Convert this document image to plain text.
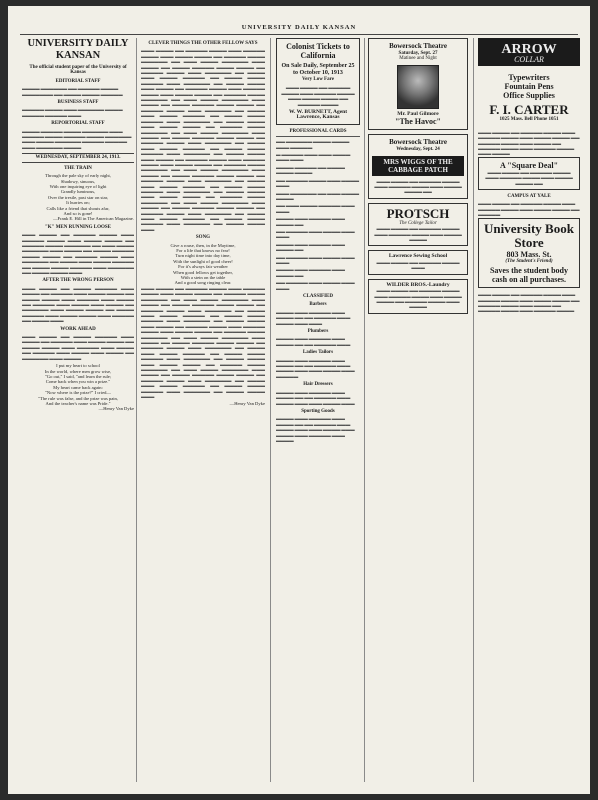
UNIVERSITY DAILY KANSAN
UNIVERSITY DAILY KANSAN
The official student paper of the University of Kansas
EDITORIAL STAFF
▬▬▬▬ ▬▬▬▬▬▬ ▬▬ ▬▬▬▬▬ ▬▬▬▬ ▬▬▬▬▬▬▬ ▬▬ ▬▬▬▬ ▬▬▬▬ ▬▬▬▬▬
BUSINESS STAFF
▬▬▬▬▬ ▬▬▬▬ ▬▬▬ ▬▬▬▬▬▬ ▬▬▬▬ ▬▬▬▬▬ ▬▬▬▬▬ ▬▬▬
REPORTORIAL STAFF
▬▬▬▬ ▬▬▬▬▬ ▬▬▬▬ ▬▬▬▬▬▬ ▬▬▬ ▬▬▬▬▬ ▬▬▬▬ ▬▬▬▬▬ ▬▬▬▬ ▬▬▬▬▬▬ ▬▬▬ ▬▬▬▬ ▬▬▬▬▬▬ ▬▬▬▬▬ ▬▬▬▬▬ ▬▬▬ ▬▬▬▬▬▬ ▬▬▬▬
WEDNESDAY, SEPTEMBER 24, 1913.
THE TRAIN
Through the pale sky of early night,
Shadowy, sinuous,
With one inquiring eye of light
Grandly luminous,
Over the trestle, past star on star,
It hurries on;
Calls like a friend that shouts afar,
And so is gone!
—Frank E. Hill in The American Magazine.
"K" MEN RUNNING LOOSE
▬▬▬ ▬▬▬▬ ▬▬ ▬▬▬▬▬ ▬▬▬▬ ▬▬▬ ▬▬▬▬▬ ▬▬▬▬ ▬▬▬ ▬▬▬▬ ▬▬▬▬ ▬▬ ▬▬▬▬▬ ▬▬▬▬ ▬▬▬▬▬▬ ▬▬ ▬▬▬ ▬▬▬▬ ▬▬▬▬▬▬ ▬▬▬ ▬▬▬▬ ▬▬ ▬▬▬▬ ▬▬▬▬▬ ▬▬▬▬ ▬▬▬▬ ▬▬ ▬▬▬▬▬ ▬▬▬▬ ▬▬▬ ▬▬▬▬▬▬ ▬▬ ▬▬▬▬ ▬▬▬ ▬▬▬▬ ▬▬▬▬▬ ▬▬ ▬▬▬▬ ▬▬▬▬ ▬▬▬▬▬ ▬▬▬ ▬▬▬▬▬▬ ▬▬ ▬▬▬▬ ▬▬▬▬ ▬▬▬
AFTER THE WRONG PERSON
▬▬▬ ▬▬▬▬ ▬▬ ▬▬▬▬ ▬▬▬▬▬ ▬▬▬ ▬▬▬▬ ▬▬ ▬▬▬▬▬ ▬▬▬ ▬▬▬▬ ▬▬▬▬ ▬▬ ▬▬▬▬ ▬▬▬▬ ▬▬▬ ▬▬▬▬▬ ▬▬▬ ▬▬▬▬ ▬▬ ▬▬▬▬▬ ▬▬▬ ▬▬▬▬ ▬▬▬ ▬▬▬▬ ▬▬ ▬▬▬▬▬▬ ▬▬▬ ▬▬▬▬ ▬▬▬▬ ▬▬ ▬▬▬▬ ▬▬▬▬▬ ▬▬▬ ▬▬▬▬ ▬▬▬▬ ▬▬▬ ▬▬▬▬▬ ▬▬ ▬▬▬▬ ▬▬▬
WORK AHEAD
▬▬▬ ▬▬▬▬ ▬▬ ▬▬▬▬ ▬▬▬▬▬ ▬▬▬ ▬▬▬▬ ▬▬ ▬▬▬▬▬ ▬▬▬ ▬▬▬▬ ▬▬▬▬ ▬▬ ▬▬▬▬ ▬▬▬▬ ▬▬▬ ▬▬▬▬▬ ▬▬▬ ▬▬▬▬ ▬▬ ▬▬▬▬▬ ▬▬▬ ▬▬▬▬ ▬▬▬ ▬▬▬▬ ▬▬ ▬▬▬▬▬▬ ▬▬▬ ▬▬▬▬
I put my heart to school
In the world, where men grow wise,
"Go out," I said, "and learn the rule;
Come back when you win a prize."
My heart came back again:
"Now where is the prize?" I cried—
"The rule was false, and the prize was pain,
And the teacher's name was Pride."
—Henry Van Dyke
CLEVER THINGS THE OTHER FELLOW SAYS
▬▬▬ ▬▬▬▬ ▬▬ ▬▬▬▬▬ ▬▬▬▬ ▬▬▬ ▬▬▬▬▬ ▬▬▬▬ ▬▬▬ ▬▬▬▬ ▬▬▬▬ ▬▬ ▬▬▬▬▬ ▬▬▬▬ ▬▬▬▬▬▬ ▬▬ ▬▬▬ ▬▬▬▬ ▬▬▬▬▬▬ ▬▬▬ ▬▬▬▬ ▬▬ ▬▬▬▬ ▬▬▬▬▬ ▬▬▬▬ ▬▬▬▬ ▬▬ ▬▬▬▬▬ ▬▬▬▬ ▬▬▬ ▬▬▬▬▬▬ ▬▬ ▬▬▬▬ ▬▬▬ ▬▬▬▬ ▬▬▬▬▬ ▬▬ ▬▬▬▬ ▬▬▬▬ ▬▬▬▬▬ ▬▬▬ ▬▬▬▬▬▬ ▬▬ ▬▬▬▬ ▬▬▬▬ ▬▬▬ ▬▬▬▬ ▬▬ ▬▬▬▬▬ ▬▬▬▬ ▬▬▬ ▬▬▬▬▬ ▬▬▬▬ ▬▬▬ ▬▬▬▬ ▬▬▬▬ ▬▬ ▬▬▬▬▬ ▬▬▬▬ ▬▬▬▬▬▬ ▬▬ ▬▬▬ ▬▬▬▬ ▬▬▬▬▬▬ ▬▬▬ ▬▬▬▬ ▬▬ ▬▬▬▬ ▬▬▬▬▬ ▬▬▬▬ ▬▬▬▬ ▬▬ ▬▬▬▬▬ ▬▬▬▬ ▬▬▬ ▬▬▬▬▬▬ ▬▬ ▬▬▬▬ ▬▬▬ ▬▬▬▬ ▬▬▬▬▬ ▬▬ ▬▬▬▬ ▬▬▬▬ ▬▬▬▬▬ ▬▬▬ ▬▬▬▬▬▬ ▬▬ ▬▬▬▬ ▬▬▬▬ ▬▬▬ ▬▬▬▬ ▬▬▬▬ ▬▬ ▬▬▬▬▬ ▬▬▬▬ ▬▬▬▬▬▬ ▬▬ ▬▬▬ ▬▬▬▬ ▬▬▬▬▬▬ ▬▬▬ ▬▬▬▬ ▬▬ ▬▬▬▬ ▬▬▬▬▬ ▬▬▬▬ ▬▬▬▬ ▬▬ ▬▬▬▬▬ ▬▬▬▬ ▬▬▬ ▬▬▬▬▬▬ ▬▬ ▬▬▬▬ ▬▬▬ ▬▬▬▬ ▬▬▬▬▬ ▬▬ ▬▬▬▬ ▬▬▬▬ ▬▬▬▬▬ ▬▬▬ ▬▬▬▬▬▬ ▬▬ ▬▬▬▬ ▬▬▬▬ ▬▬▬ ▬▬▬▬ ▬▬ ▬▬▬▬▬ ▬▬▬▬ ▬▬▬ ▬▬▬▬▬ ▬▬▬▬ ▬▬▬ ▬▬▬▬ ▬▬▬▬ ▬▬ ▬▬▬▬▬ ▬▬▬▬ ▬▬▬▬▬▬ ▬▬ ▬▬▬ ▬▬▬▬ ▬▬▬▬▬▬ ▬▬▬ ▬▬▬▬ ▬▬ ▬▬▬▬ ▬▬▬▬▬ ▬▬▬▬ ▬▬▬▬ ▬▬ ▬▬▬▬▬ ▬▬▬▬ ▬▬▬ ▬▬▬▬▬▬ ▬▬ ▬▬▬▬ ▬▬▬ ▬▬▬▬ ▬▬▬▬▬ ▬▬ ▬▬▬▬ ▬▬▬▬ ▬▬▬▬▬ ▬▬▬ ▬▬▬▬▬▬ ▬▬ ▬▬▬▬ ▬▬▬▬ ▬▬▬ ▬▬▬▬ ▬▬▬▬ ▬▬ ▬▬▬▬▬ ▬▬▬▬ ▬▬▬▬▬▬ ▬▬ ▬▬▬ ▬▬▬▬ ▬▬▬▬▬▬ ▬▬▬ ▬▬▬▬ ▬▬ ▬▬▬▬ ▬▬▬▬▬ ▬▬▬▬ ▬▬▬▬ ▬▬ ▬▬▬▬▬ ▬▬▬▬ ▬▬▬ ▬▬▬▬▬▬ ▬▬ ▬▬▬▬ ▬▬▬ ▬▬▬▬ ▬▬▬▬▬ ▬▬ ▬▬▬▬ ▬▬▬▬ ▬▬▬▬▬ ▬▬▬ ▬▬▬▬▬▬ ▬▬ ▬▬▬▬ ▬▬▬▬ ▬▬▬
SONG
Give a rouse, then, in the Maytime,
For a life that knows no fear!
Turn night time into day time,
With the sunlight of good cheer!
For it's always fair weather
When good fellows get together,
With a stein on the table
And a good song ringing clear.
▬▬▬ ▬▬▬▬ ▬▬ ▬▬▬▬▬ ▬▬▬▬ ▬▬▬ ▬▬▬▬▬ ▬▬▬▬ ▬▬▬ ▬▬▬▬ ▬▬▬▬ ▬▬ ▬▬▬▬▬ ▬▬▬▬ ▬▬▬▬▬▬ ▬▬ ▬▬▬ ▬▬▬▬ ▬▬▬▬▬▬ ▬▬▬ ▬▬▬▬ ▬▬ ▬▬▬▬ ▬▬▬▬▬ ▬▬▬▬ ▬▬▬▬ ▬▬ ▬▬▬▬▬ ▬▬▬▬ ▬▬▬ ▬▬▬▬▬▬ ▬▬ ▬▬▬▬ ▬▬▬ ▬▬▬▬ ▬▬▬▬▬ ▬▬ ▬▬▬▬ ▬▬▬▬ ▬▬▬▬▬ ▬▬▬ ▬▬▬▬▬▬ ▬▬ ▬▬▬▬ ▬▬▬▬ ▬▬▬ ▬▬▬▬ ▬▬ ▬▬▬▬▬ ▬▬▬▬ ▬▬▬ ▬▬▬▬▬ ▬▬▬▬ ▬▬▬ ▬▬▬▬ ▬▬▬▬ ▬▬ ▬▬▬▬▬ ▬▬▬▬ ▬▬▬▬▬▬ ▬▬ ▬▬▬ ▬▬▬▬ ▬▬▬▬▬▬ ▬▬▬ ▬▬▬▬ ▬▬ ▬▬▬▬ ▬▬▬▬▬ ▬▬▬▬ ▬▬▬▬ ▬▬ ▬▬▬▬▬ ▬▬▬▬ ▬▬▬ ▬▬▬▬▬▬ ▬▬ ▬▬▬▬ ▬▬▬ ▬▬▬▬ ▬▬▬▬▬ ▬▬ ▬▬▬▬ ▬▬▬▬ ▬▬▬▬▬ ▬▬▬ ▬▬▬▬▬▬ ▬▬ ▬▬▬▬ ▬▬▬▬ ▬▬▬ ▬▬▬▬ ▬▬▬▬ ▬▬ ▬▬▬▬▬ ▬▬▬▬ ▬▬▬▬▬▬ ▬▬ ▬▬▬ ▬▬▬▬ ▬▬▬▬▬▬ ▬▬▬ ▬▬▬▬ ▬▬ ▬▬▬▬ ▬▬▬▬▬ ▬▬▬▬ ▬▬▬▬ ▬▬ ▬▬▬▬▬ ▬▬▬▬ ▬▬▬ ▬▬▬▬▬▬ ▬▬ ▬▬▬▬ ▬▬▬ ▬▬▬▬ ▬▬▬▬▬ ▬▬ ▬▬▬▬ ▬▬▬▬ ▬▬▬▬▬ ▬▬▬ ▬▬▬▬▬▬ ▬▬ ▬▬▬▬ ▬▬▬▬ ▬▬▬
—Henry Van Dyke
Colonist Tickets to California
On Sale Daily, September 25 to October 10, 1913
Very Low Fare
▬▬▬ ▬▬▬▬ ▬▬ ▬▬▬▬▬ ▬▬▬▬ ▬▬▬ ▬▬▬▬▬ ▬▬▬▬ ▬▬▬ ▬▬▬▬ ▬▬▬▬ ▬▬ ▬▬▬▬▬ ▬▬▬▬
W. W. BURNETT, Agent
Lawrence, Kansas
PROFESSIONAL CARDS
▬▬ ▬▬▬▬▬▬ ▬▬▬▬ ▬▬▬▬ ▬▬▬ ▬▬▬▬▬
▬ ▬▬▬▬▬ ▬▬▬ ▬▬▬ ▬▬▬▬ ▬▬▬ ▬▬▬
▬▬▬▬ ▬▬▬▬▬ ▬▬ ▬▬▬▬ ▬▬▬▬ ▬▬▬▬
▬▬ ▬▬▬▬▬ ▬▬▬▬ ▬▬▬ ▬▬▬▬ ▬▬▬
▬▬▬ ▬▬▬▬▬▬ ▬▬ ▬▬▬ ▬▬▬▬ ▬▬▬▬
▬▬ ▬▬▬ ▬▬▬▬ ▬▬▬▬▬ ▬▬▬ ▬▬▬
▬▬▬▬ ▬▬▬ ▬▬▬▬▬ ▬▬▬ ▬▬▬▬ ▬▬
▬▬ ▬▬▬▬▬ ▬▬▬ ▬▬▬▬ ▬▬▬ ▬▬▬
▬▬▬▬ ▬▬▬ ▬▬▬▬▬ ▬▬▬ ▬▬▬▬ ▬▬
▬▬ ▬▬▬▬▬ ▬▬▬ ▬▬▬▬ ▬▬▬ ▬▬▬
▬▬▬▬ ▬▬▬ ▬▬▬▬▬ ▬▬▬ ▬▬▬▬ ▬▬
▬▬ ▬▬▬▬▬ ▬▬▬ ▬▬▬▬ ▬▬▬ ▬▬▬
CLASSIFIED
Barbers
▬▬▬▬ ▬▬▬ ▬▬▬▬▬ ▬▬▬ ▬▬▬▬ ▬▬ ▬▬ ▬▬▬▬▬ ▬▬▬ ▬▬▬▬ ▬▬▬ ▬▬▬
Plumbers
▬▬▬▬ ▬▬▬ ▬▬▬▬▬ ▬▬▬ ▬▬▬▬ ▬▬ ▬▬ ▬▬▬▬▬ ▬▬▬
Ladies Tailors
▬▬▬▬ ▬▬▬ ▬▬▬▬▬ ▬▬▬ ▬▬▬▬ ▬▬ ▬▬ ▬▬▬▬▬ ▬▬▬ ▬▬▬▬ ▬▬▬ ▬▬▬ ▬▬▬▬ ▬▬▬ ▬▬▬▬▬
Hair Dressers
▬▬▬▬ ▬▬▬ ▬▬▬▬▬ ▬▬▬ ▬▬▬▬ ▬▬ ▬▬ ▬▬▬▬▬ ▬▬▬ ▬▬▬▬ ▬▬▬ ▬▬▬ ▬▬▬▬ ▬▬▬
Sporting Goods
▬▬▬▬ ▬▬▬ ▬▬▬▬▬ ▬▬▬ ▬▬▬▬ ▬▬ ▬▬ ▬▬▬▬▬ ▬▬▬ ▬▬▬▬ ▬▬▬ ▬▬▬ ▬▬▬▬ ▬▬▬ ▬▬▬▬ ▬▬▬ ▬▬▬▬▬ ▬▬▬ ▬▬▬▬
Bowersock Theatre
Saturday, Sept. 27
Matinee and Night
Mr. Paul Gilmore
"The Havoc"
Bowersock Theatre
Wednesday, Sept. 24
MRS WIGGS OF THE CABBAGE PATCH
▬▬▬ ▬▬▬▬ ▬▬ ▬▬▬▬▬ ▬▬▬▬ ▬▬▬ ▬▬▬▬▬ ▬▬▬▬ ▬▬▬ ▬▬▬▬ ▬▬▬▬ ▬▬
PROTSCH
The College Tailor
▬▬▬ ▬▬▬▬ ▬▬ ▬▬▬▬▬ ▬▬▬▬ ▬▬▬ ▬▬▬▬▬ ▬▬▬▬ ▬▬▬ ▬▬▬▬ ▬▬▬▬
Lawrence Sewing School
▬▬▬ ▬▬▬▬ ▬▬ ▬▬▬▬▬ ▬▬▬▬ ▬▬▬
WILDER BROS.-Laundry
▬▬▬ ▬▬▬▬ ▬▬ ▬▬▬▬▬ ▬▬▬▬ ▬▬▬ ▬▬▬▬▬ ▬▬▬▬ ▬▬▬ ▬▬▬▬ ▬▬▬▬ ▬▬ ▬▬▬▬▬ ▬▬▬▬ ▬▬▬ ▬▬▬▬
ARROW
COLLAR
Typewriters
Fountain Pens
Office Supplies
F. I. CARTER
1025 Mass. Bell Phone 1051
▬▬▬ ▬▬▬▬ ▬▬ ▬▬▬▬▬ ▬▬▬▬ ▬▬▬ ▬▬▬▬▬ ▬▬▬▬ ▬▬▬ ▬▬▬▬ ▬▬▬▬ ▬▬ ▬▬▬▬▬ ▬▬▬▬ ▬▬▬ ▬▬▬▬ ▬▬ ▬▬▬▬▬ ▬▬▬▬ ▬▬▬ ▬▬▬▬▬ ▬▬▬▬ ▬▬▬ ▬▬▬▬
A "Square Deal"
▬▬▬ ▬▬▬▬ ▬▬ ▬▬▬▬▬ ▬▬▬▬ ▬▬▬ ▬▬▬▬▬ ▬▬▬▬ ▬▬▬ ▬▬▬▬ ▬▬▬▬ ▬▬
CAMPUS AT YALE
▬▬▬ ▬▬▬▬ ▬▬ ▬▬▬▬▬ ▬▬▬▬ ▬▬▬ ▬▬▬▬▬ ▬▬▬▬ ▬▬▬ ▬▬▬▬ ▬▬▬▬ ▬▬ ▬▬▬▬▬
University Book Store
803 Mass. St.
(The Student's Friend)
Saves the student body cash on all purchases.
▬▬▬ ▬▬▬▬ ▬▬ ▬▬▬▬▬ ▬▬▬▬ ▬▬▬ ▬▬▬▬▬ ▬▬▬▬ ▬▬▬ ▬▬▬▬ ▬▬▬▬ ▬▬ ▬▬▬▬▬ ▬▬▬▬ ▬▬▬ ▬▬▬▬ ▬▬ ▬▬▬▬▬ ▬▬▬▬ ▬▬▬ ▬▬▬▬▬ ▬▬▬▬
